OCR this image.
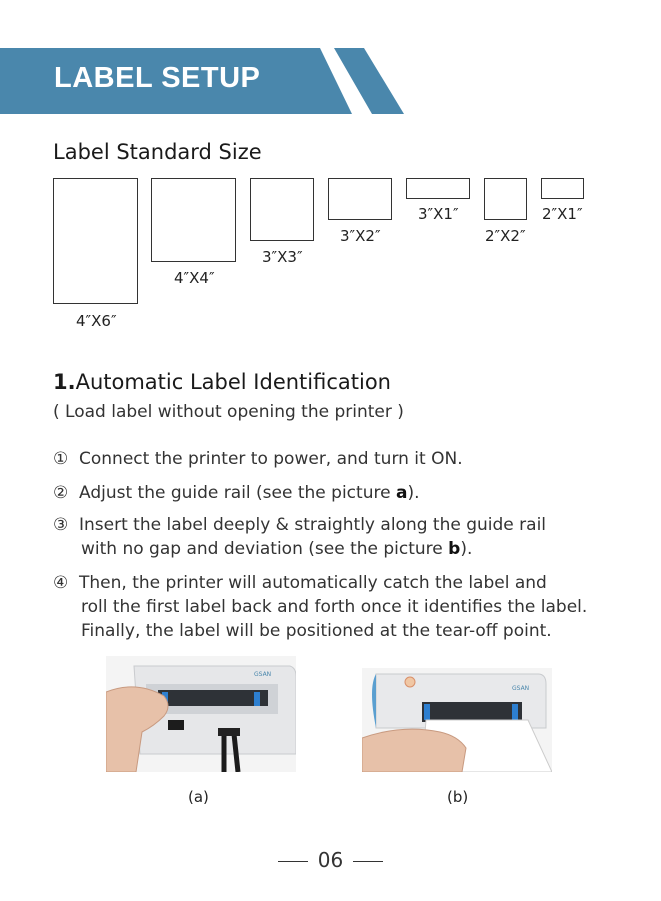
LABEL SETUP
Label Standard Size
4″X6″
4″X4″
3″X3″
3″X2″
3″X1″
2″X2″
2″X1″
1.Automatic Label Identification
( Load label without opening the printer )
① Connect the printer to power, and turn it ON.
② Adjust the guide rail (see the picture a).
③ Insert the label deeply & straightly along the guide rail
with no gap and deviation (see the picture b).
④ Then, the printer will automatically catch the label and
roll the first label back and forth once it identifies the label.
Finally, the label will be positioned at the tear-off point.
GSAN
(a)
GSAN
(b)
06
